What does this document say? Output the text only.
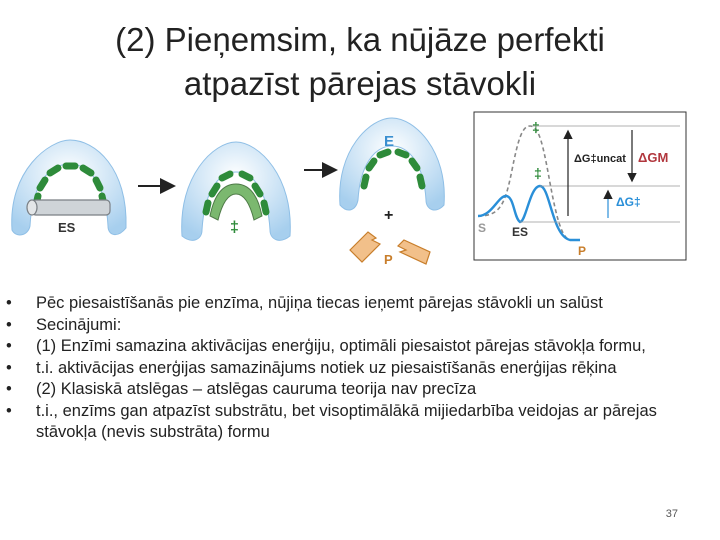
(2) Pieņemsim, ka nūjāze perfekti
atpazīst pārejas stāvokli
ES	‡
E
+
P
‡
‡
S ES
P
ΔG‡uncat ΔGM
ΔG‡
• Pēc piesaistīšanās pie enzīma, nūjiņa tiecas ieņemt pārejas stāvokli un salūst
• Secinājumi:
• (1) Enzīmi samazina aktivācijas enerģiju, optimāli piesaistot pārejas stāvokļa formu,
• t.i. aktivācijas enerģijas samazinājums notiek uz piesaistīšanās enerģijas rēķina
• (2) Klasiskā atslēgas – atslēgas cauruma teorija nav precīza
• t.i., enzīms gan atpazīst substrātu, bet visoptimālākā mijiedarbība veidojas ar pārejas stāvokļa (nevis substrāta) formu
37
